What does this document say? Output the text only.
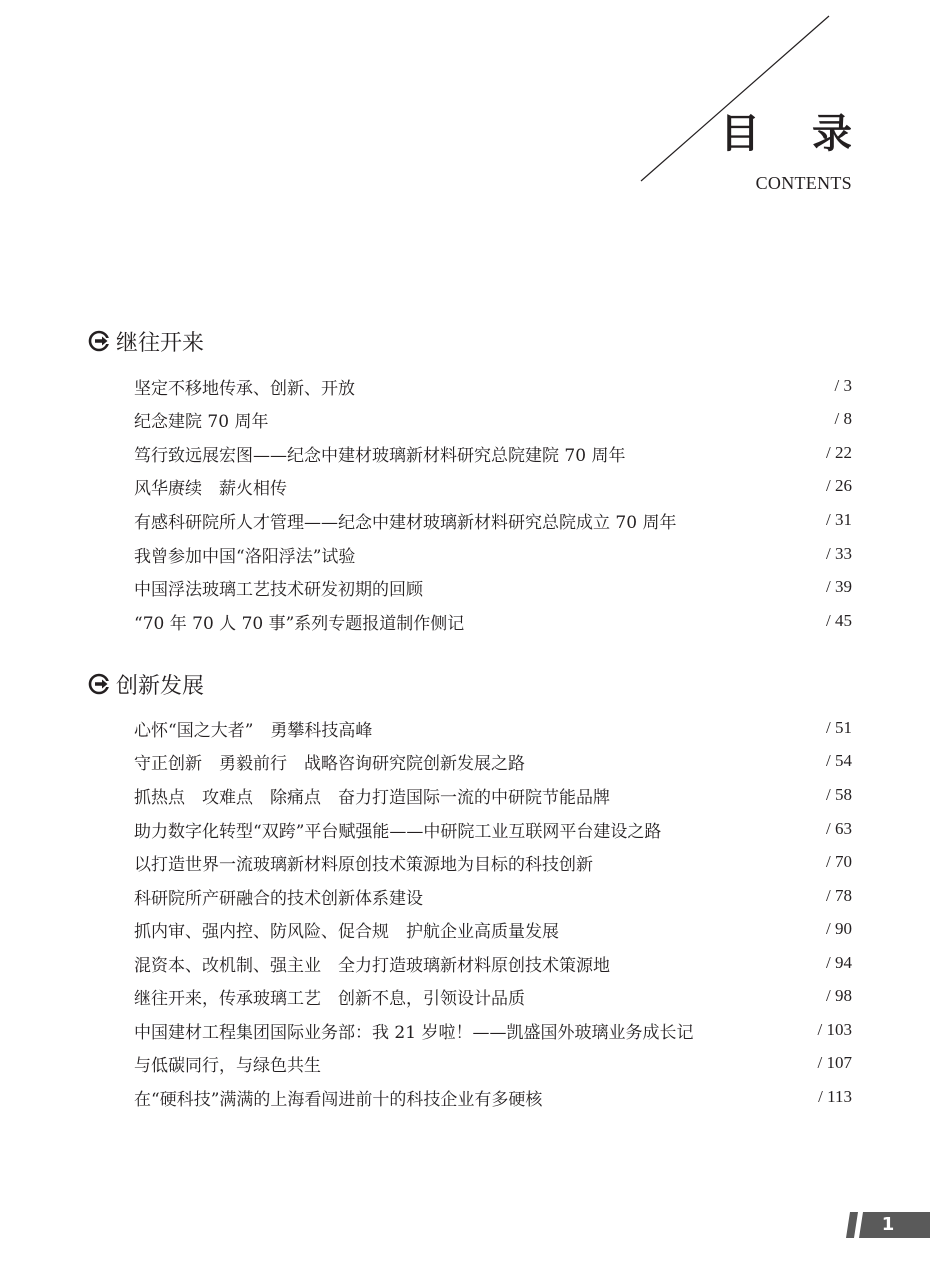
目录
CONTENTS
继往开来
坚定不移地传承、创新、开放	/ 3
纪念建院 70 周年	/ 8
笃行致远展宏图——纪念中建材玻璃新材料研究总院建院 70 周年	/ 22
风华赓续　薪火相传	/ 26
有感科研院所人才管理——纪念中建材玻璃新材料研究总院成立 70 周年	/ 31
我曾参加中国“洛阳浮法”试验	/ 33
中国浮法玻璃工艺技术研发初期的回顾	/ 39
“70 年 70 人 70 事”系列专题报道制作侧记	/ 45
创新发展
心怀“国之大者”　勇攀科技高峰	/ 51
守正创新　勇毅前行　战略咨询研究院创新发展之路	/ 54
抓热点　攻难点　除痛点　奋力打造国际一流的中研院节能品牌	/ 58
助力数字化转型“双跨”平台赋强能——中研院工业互联网平台建设之路	/ 63
以打造世界一流玻璃新材料原创技术策源地为目标的科技创新	/ 70
科研院所产研融合的技术创新体系建设	/ 78
抓内审、强内控、防风险、促合规　护航企业高质量发展	/ 90
混资本、改机制、强主业　全力打造玻璃新材料原创技术策源地	/ 94
继往开来，传承玻璃工艺　创新不息，引领设计品质	/ 98
中国建材工程集团国际业务部：我 21 岁啦！——凯盛国外玻璃业务成长记	/ 103
与低碳同行，与绿色共生	/ 107
在“硬科技”满满的上海看闯进前十的科技企业有多硬核	/ 113
1
